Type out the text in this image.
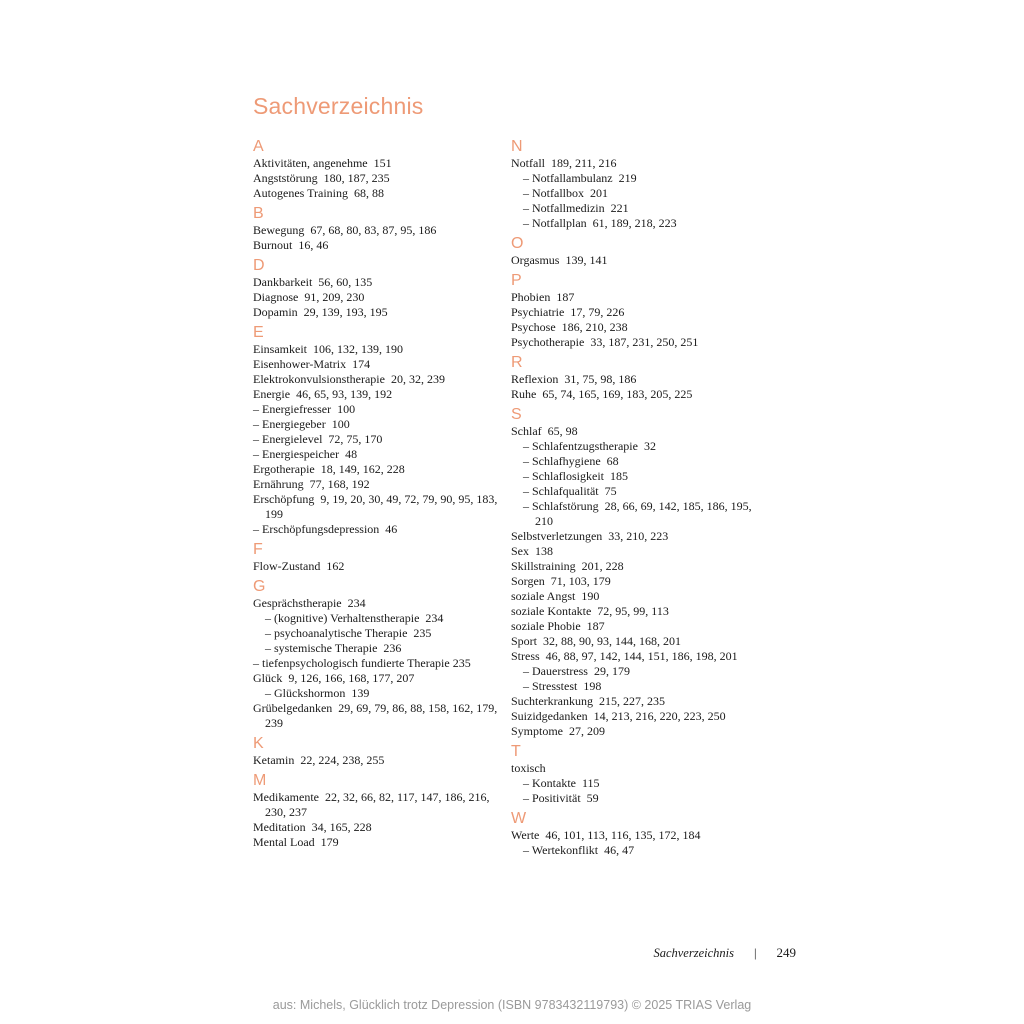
Sachverzeichnis
A
Aktivitäten, angenehme  151
Angststörung  180, 187, 235
Autogenes Training  68, 88
B
Bewegung  67, 68, 80, 83, 87, 95, 186
Burnout  16, 46
D
Dankbarkeit  56, 60, 135
Diagnose  91, 209, 230
Dopamin  29, 139, 193, 195
E
Einsamkeit  106, 132, 139, 190
Eisenhower-Matrix  174
Elektrokonvulsionstherapie  20, 32, 239
Energie  46, 65, 93, 139, 192
– Energiefresser  100
– Energiegeber  100
– Energielevel  72, 75, 170
– Energiespeicher  48
Ergotherapie  18, 149, 162, 228
Ernährung  77, 168, 192
Erschöpfung  9, 19, 20, 30, 49, 72, 79, 90, 95, 183, 199
– Erschöpfungsdepression  46
F
Flow-Zustand  162
G
Gesprächstherapie  234
– (kognitive) Verhaltenstherapie  234
– psychoanalytische Therapie  235
– systemische Therapie  236
– tiefenpsychologisch fundierte Therapie 235
Glück  9, 126, 166, 168, 177, 207
– Glückshormon  139
Grübelgedanken  29, 69, 79, 86, 88, 158, 162, 179, 239
K
Ketamin  22, 224, 238, 255
M
Medikamente  22, 32, 66, 82, 117, 147, 186, 216, 230, 237
Meditation  34, 165, 228
Mental Load  179
N
Notfall  189, 211, 216
– Notfallambulanz  219
– Notfallbox  201
– Notfallmedizin  221
– Notfallplan  61, 189, 218, 223
O
Orgasmus  139, 141
P
Phobien  187
Psychiatrie  17, 79, 226
Psychose  186, 210, 238
Psychotherapie  33, 187, 231, 250, 251
R
Reflexion  31, 75, 98, 186
Ruhe  65, 74, 165, 169, 183, 205, 225
S
Schlaf  65, 98
– Schlafentzugstherapie  32
– Schlafhygiene  68
– Schlaflosigkeit  185
– Schlafqualität  75
– Schlafstörung  28, 66, 69, 142, 185, 186, 195, 210
Selbstverletzungen  33, 210, 223
Sex  138
Skillstraining  201, 228
Sorgen  71, 103, 179
soziale Angst  190
soziale Kontakte  72, 95, 99, 113
soziale Phobie  187
Sport  32, 88, 90, 93, 144, 168, 201
Stress  46, 88, 97, 142, 144, 151, 186, 198, 201
– Dauerstress  29, 179
– Stresstest  198
Suchterkrankung  215, 227, 235
Suizidgedanken  14, 213, 216, 220, 223, 250
Symptome  27, 209
T
toxisch
– Kontakte  115
– Positivität  59
W
Werte  46, 101, 113, 116, 135, 172, 184
– Wertekonflikt  46, 47
Sachverzeichnis | 249
aus: Michels, Glücklich trotz Depression (ISBN 9783432119793) © 2025 TRIAS Verlag
